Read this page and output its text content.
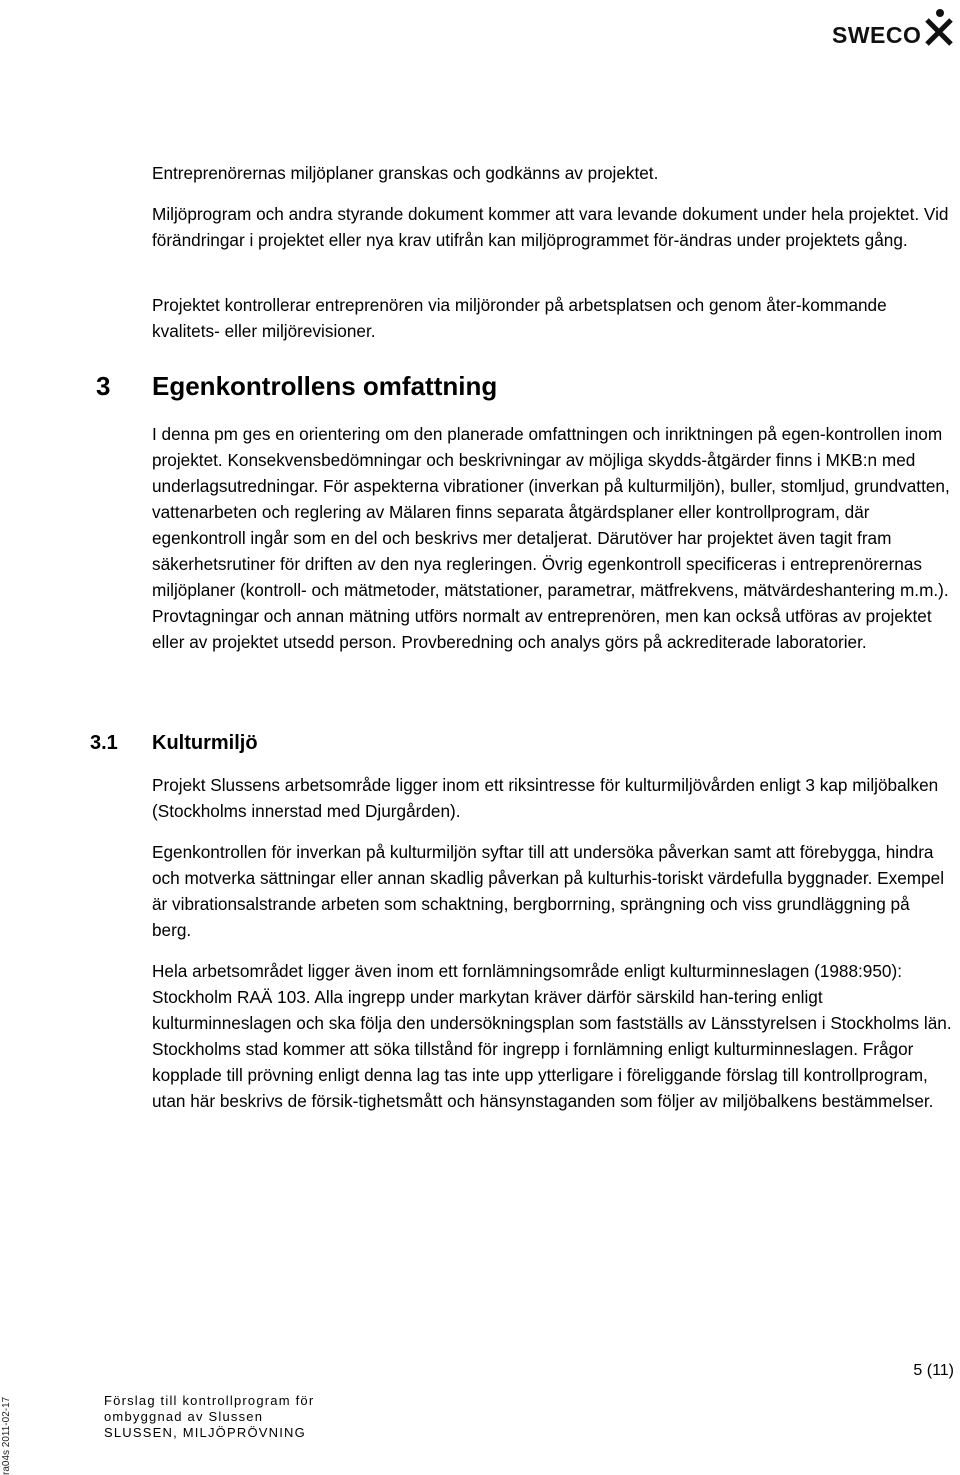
SWECO

Entreprenörernas miljöplaner granskas och godkänns av projektet.

Miljöprogram och andra styrande dokument kommer att vara levande dokument under hela projektet. Vid förändringar i projektet eller nya krav utifrån kan miljöprogrammet för-ändras under projektets gång.

Projektet kontrollerar entreprenören via miljöronder på arbetsplatsen och genom åter-kommande kvalitets- eller miljörevisioner.

3 Egenkontrollens omfattning

I denna pm ges en orientering om den planerade omfattningen och inriktningen på egen-kontrollen inom projektet. Konsekvensbedömningar och beskrivningar av möjliga skydds-åtgärder finns i MKB:n med underlagsutredningar. För aspekterna vibrationer (inverkan på kulturmiljön), buller, stomljud, grundvatten, vattenarbeten och reglering av Mälaren finns separata åtgärdsplaner eller kontrollprogram, där egenkontroll ingår som en del och beskrivs mer detaljerat. Därutöver har projektet även tagit fram säkerhetsrutiner för driften av den nya regleringen. Övrig egenkontroll specificeras i entreprenörernas miljöplaner (kontroll- och mätmetoder, mätstationer, parametrar, mätfrekvens, mätvärdeshantering m.m.). Provtagningar och annan mätning utförs normalt av entreprenören, men kan också utföras av projektet eller av projektet utsedd person. Provberedning och analys görs på ackrediterade laboratorier.

3.1 Kulturmiljö

Projekt Slussens arbetsområde ligger inom ett riksintresse för kulturmiljövården enligt 3 kap miljöbalken (Stockholms innerstad med Djurgården).

Egenkontrollen för inverkan på kulturmiljön syftar till att undersöka påverkan samt att förebygga, hindra och motverka sättningar eller annan skadlig påverkan på kulturhis-toriskt värdefulla byggnader. Exempel är vibrationsalstrande arbeten som schaktning, bergborrning, sprängning och viss grundläggning på berg.

Hela arbetsområdet ligger även inom ett fornlämningsområde enligt kulturminneslagen (1988:950): Stockholm RAÄ 103. Alla ingrepp under markytan kräver därför särskild han-tering enligt kulturminneslagen och ska följa den undersökningsplan som fastställs av Länsstyrelsen i Stockholms län. Stockholms stad kommer att söka tillstånd för ingrepp i fornlämning enligt kulturminneslagen. Frågor kopplade till prövning enligt denna lag tas inte upp ytterligare i föreliggande förslag till kontrollprogram, utan här beskrivs de försik-tighetsmått och hänsynstaganden som följer av miljöbalkens bestämmelser.

5 (11)
Förslag till kontrollprogram för
ombyggnad av Slussen
SLUSSEN, MILJÖPRÖVNING
ra04s 2011-02-17
